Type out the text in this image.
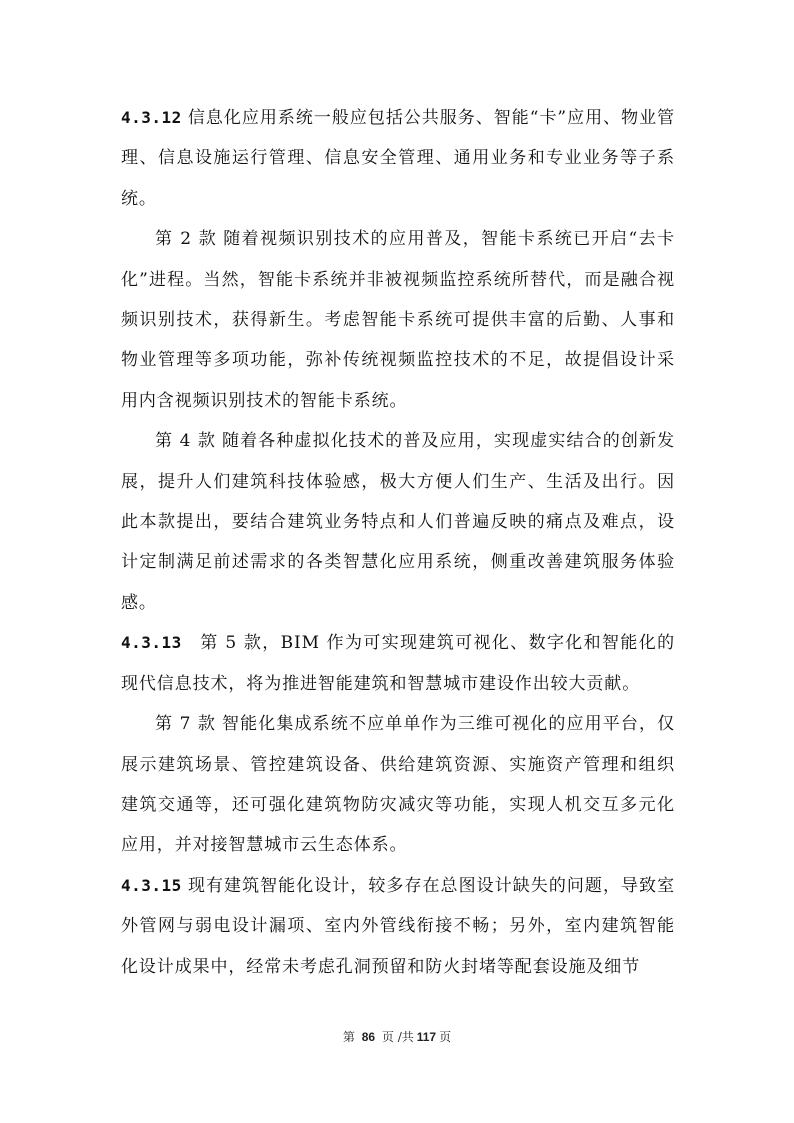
4.3.12 信息化应用系统一般应包括公共服务、智能“卡”应用、物业管理、信息设施运行管理、信息安全管理、通用业务和专业业务等子系统。

第 2 款 随着视频识别技术的应用普及，智能卡系统已开启“去卡化”进程。当然，智能卡系统并非被视频监控系统所替代，而是融合视频识别技术，获得新生。考虑智能卡系统可提供丰富的后勤、人事和物业管理等多项功能，弥补传统视频监控技术的不足，故提倡设计采用内含视频识别技术的智能卡系统。

第 4 款 随着各种虚拟化技术的普及应用，实现虚实结合的创新发展，提升人们建筑科技体验感，极大方便人们生产、生活及出行。因此本款提出，要结合建筑业务特点和人们普遍反映的痛点及难点，设计定制满足前述需求的各类智慧化应用系统，侧重改善建筑服务体验感。

4.3.13 第 5 款，BIM 作为可实现建筑可视化、数字化和智能化的现代信息技术，将为推进智能建筑和智慧城市建设作出较大贡献。

第 7 款 智能化集成系统不应单单作为三维可视化的应用平台，仅展示建筑场景、管控建筑设备、供给建筑资源、实施资产管理和组织建筑交通等，还可强化建筑物防灾减灾等功能，实现人机交互多元化应用，并对接智慧城市云生态体系。

4.3.15 现有建筑智能化设计，较多存在总图设计缺失的问题，导致室外管网与弱电设计漏项、室内外管线衔接不畅；另外，室内建筑智能化设计成果中，经常未考虑孔洞预留和防火封堵等配套设施及细节

第 86 页 /共 117 页
